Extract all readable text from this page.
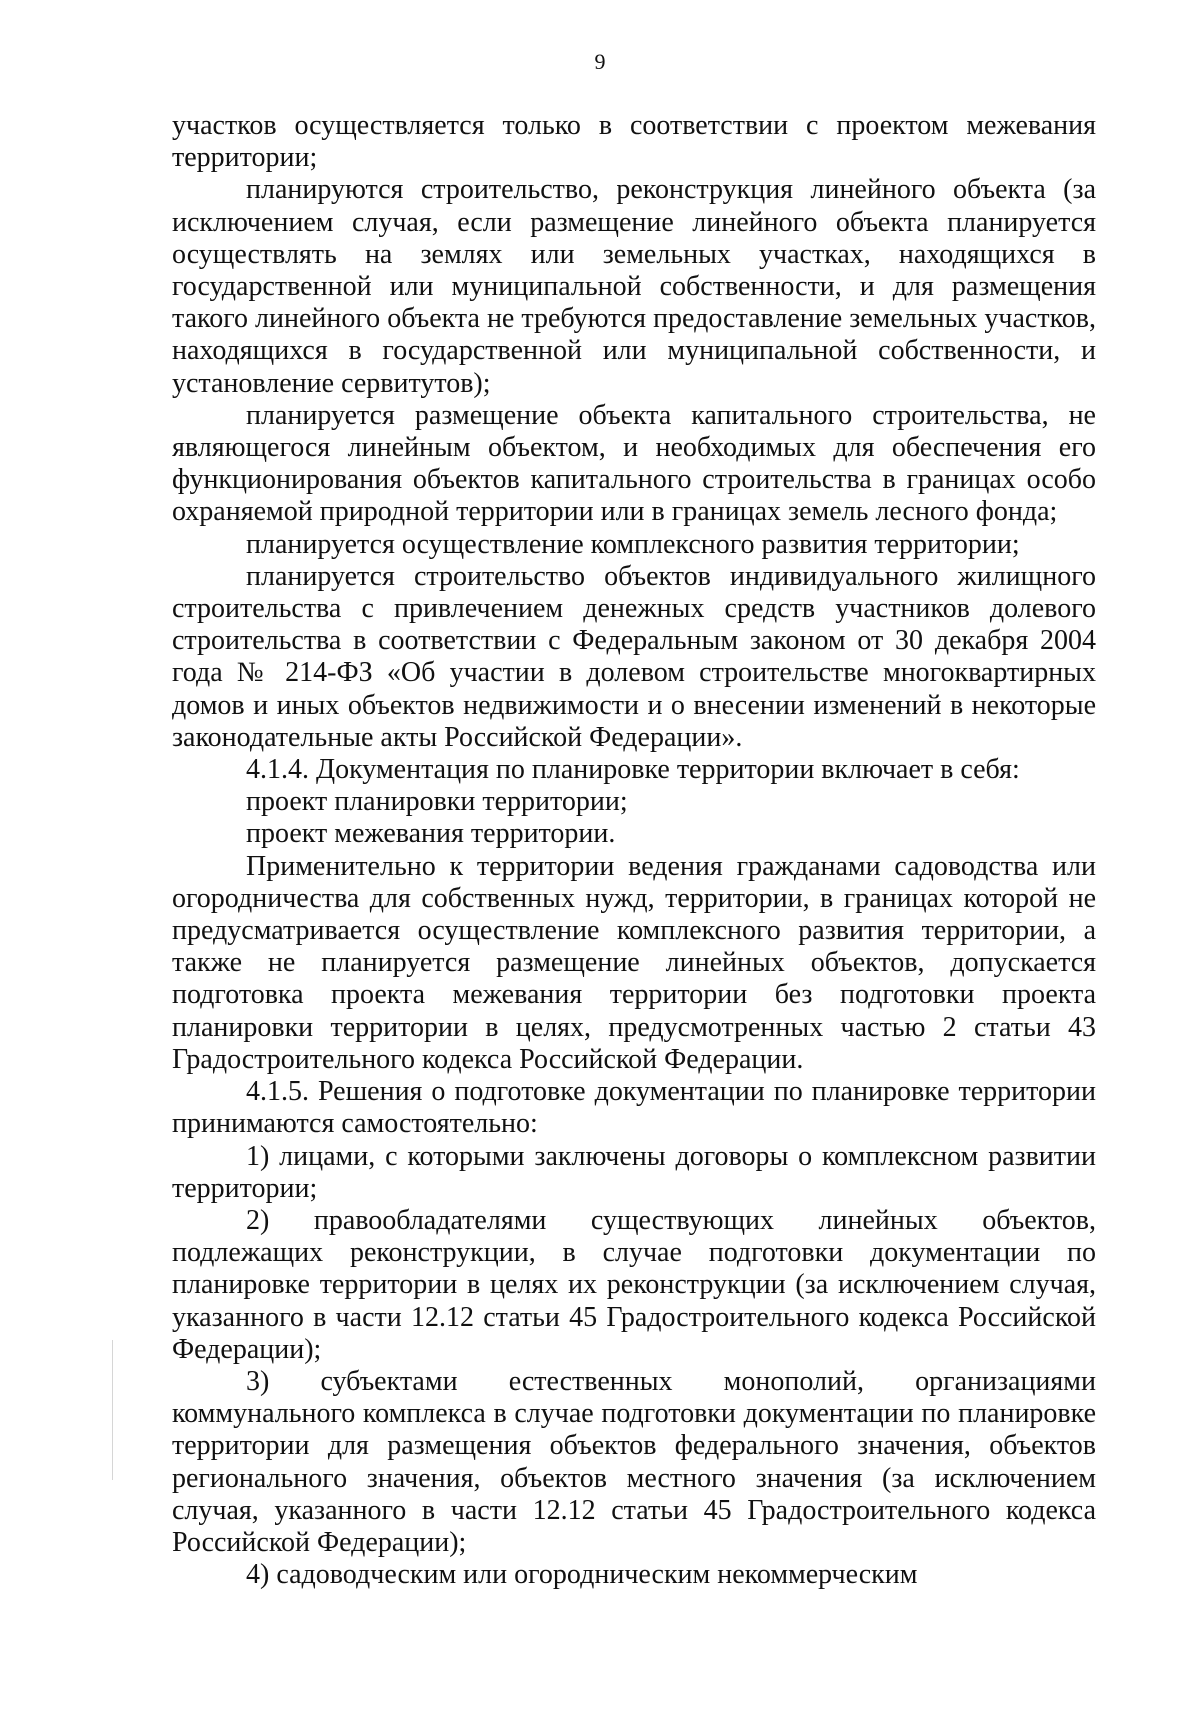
9

участков осуществляется только в соответствии с проектом межевания территории;

планируются строительство, реконструкция линейного объекта (за исключением случая, если размещение линейного объекта планируется осуществлять на землях или земельных участках, находящихся в государственной или муниципальной собственности, и для размещения такого линейного объекта не требуются предоставление земельных участков, находящихся в государственной или муниципальной собственности, и установление сервитутов);

планируется размещение объекта капитального строительства, не являющегося линейным объектом, и необходимых для обеспечения его функционирования объектов капитального строительства в границах особо охраняемой природной территории или в границах земель лесного фонда;

планируется осуществление комплексного развития территории;

планируется строительство объектов индивидуального жилищного строительства с привлечением денежных средств участников долевого строительства в соответствии с Федеральным законом от 30 декабря 2004 года № 214-ФЗ «Об участии в долевом строительстве многоквартирных домов и иных объектов недвижимости и о внесении изменений в некоторые законодательные акты Российской Федерации».

4.1.4. Документация по планировке территории включает в себя:

проект планировки территории;

проект межевания территории.

Применительно к территории ведения гражданами садоводства или огородничества для собственных нужд, территории, в границах которой не предусматривается осуществление комплексного развития территории, а также не планируется размещение линейных объектов, допускается подготовка проекта межевания территории без подготовки проекта планировки территории в целях, предусмотренных частью 2 статьи 43 Градостроительного кодекса Российской Федерации.

4.1.5. Решения о подготовке документации по планировке территории принимаются самостоятельно:

1) лицами, с которыми заключены договоры о комплексном развитии территории;

2) правообладателями существующих линейных объектов, подлежащих реконструкции, в случае подготовки документации по планировке территории в целях их реконструкции (за исключением случая, указанного в части 12.12 статьи 45 Градостроительного кодекса Российской Федерации);

3) субъектами естественных монополий, организациями коммунального комплекса в случае подготовки документации по планировке территории для размещения объектов федерального значения, объектов регионального значения, объектов местного значения (за исключением случая, указанного в части 12.12 статьи 45 Градостроительного кодекса Российской Федерации);

4) садоводческим или огородническим некоммерческим
